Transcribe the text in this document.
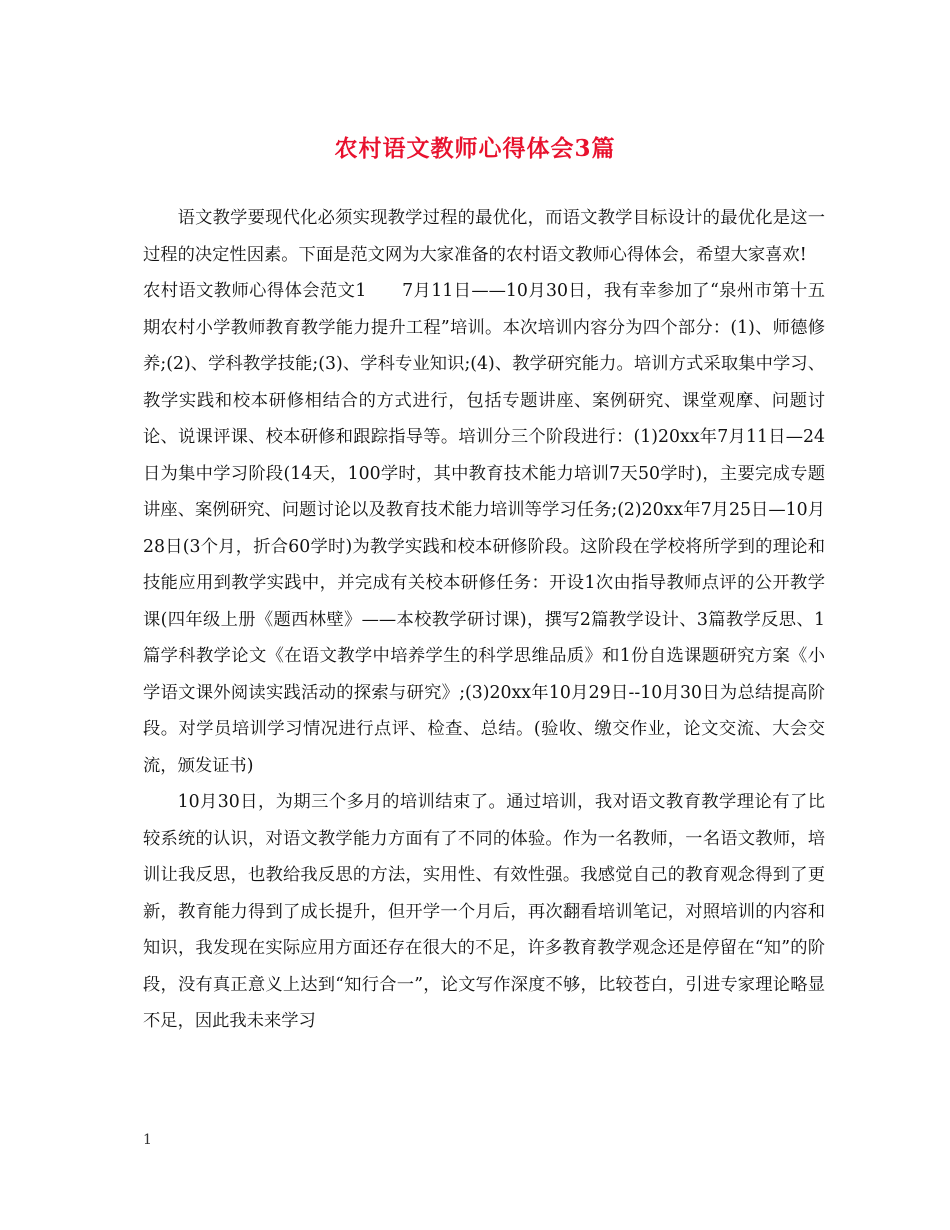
农村语文教师心得体会3篇

语文教学要现代化必须实现教学过程的最优化，而语文教学目标设计的最优化是这一过程的决定性因素。下面是范文网为大家准备的农村语文教师心得体会，希望大家喜欢!

农村语文教师心得体会范文1　　7月11日——10月30日，我有幸参加了“泉州市第十五期农村小学教师教育教学能力提升工程”培训。本次培训内容分为四个部分：(1)、师德修养;(2)、学科教学技能;(3)、学科专业知识;(4)、教学研究能力。培训方式采取集中学习、教学实践和校本研修相结合的方式进行，包括专题讲座、案例研究、课堂观摩、问题讨论、说课评课、校本研修和跟踪指导等。培训分三个阶段进行：(1)20xx年7月11日—24日为集中学习阶段(14天，100学时，其中教育技术能力培训7天50学时)，主要完成专题讲座、案例研究、问题讨论以及教育技术能力培训等学习任务;(2)20xx年7月25日—10月28日(3个月，折合60学时)为教学实践和校本研修阶段。这阶段在学校将所学到的理论和技能应用到教学实践中，并完成有关校本研修任务：开设1次由指导教师点评的公开教学课(四年级上册《题西林壁》——本校教学研讨课)，撰写2篇教学设计、3篇教学反思、1篇学科教学论文《在语文教学中培养学生的科学思维品质》和1份自选课题研究方案《小学语文课外阅读实践活动的探索与研究》;(3)20xx年10月29日--10月30日为总结提高阶段。对学员培训学习情况进行点评、检查、总结。(验收、缴交作业，论文交流、大会交流，颁发证书)

10月30日，为期三个多月的培训结束了。通过培训，我对语文教育教学理论有了比较系统的认识，对语文教学能力方面有了不同的体验。作为一名教师，一名语文教师，培训让我反思，也教给我反思的方法，实用性、有效性强。我感觉自己的教育观念得到了更新，教育能力得到了成长提升，但开学一个月后，再次翻看培训笔记，对照培训的内容和知识，我发现在实际应用方面还存在很大的不足，许多教育教学观念还是停留在“知”的阶段，没有真正意义上达到“知行合一”，论文写作深度不够，比较苍白，引进专家理论略显不足，因此我未来学习

1
